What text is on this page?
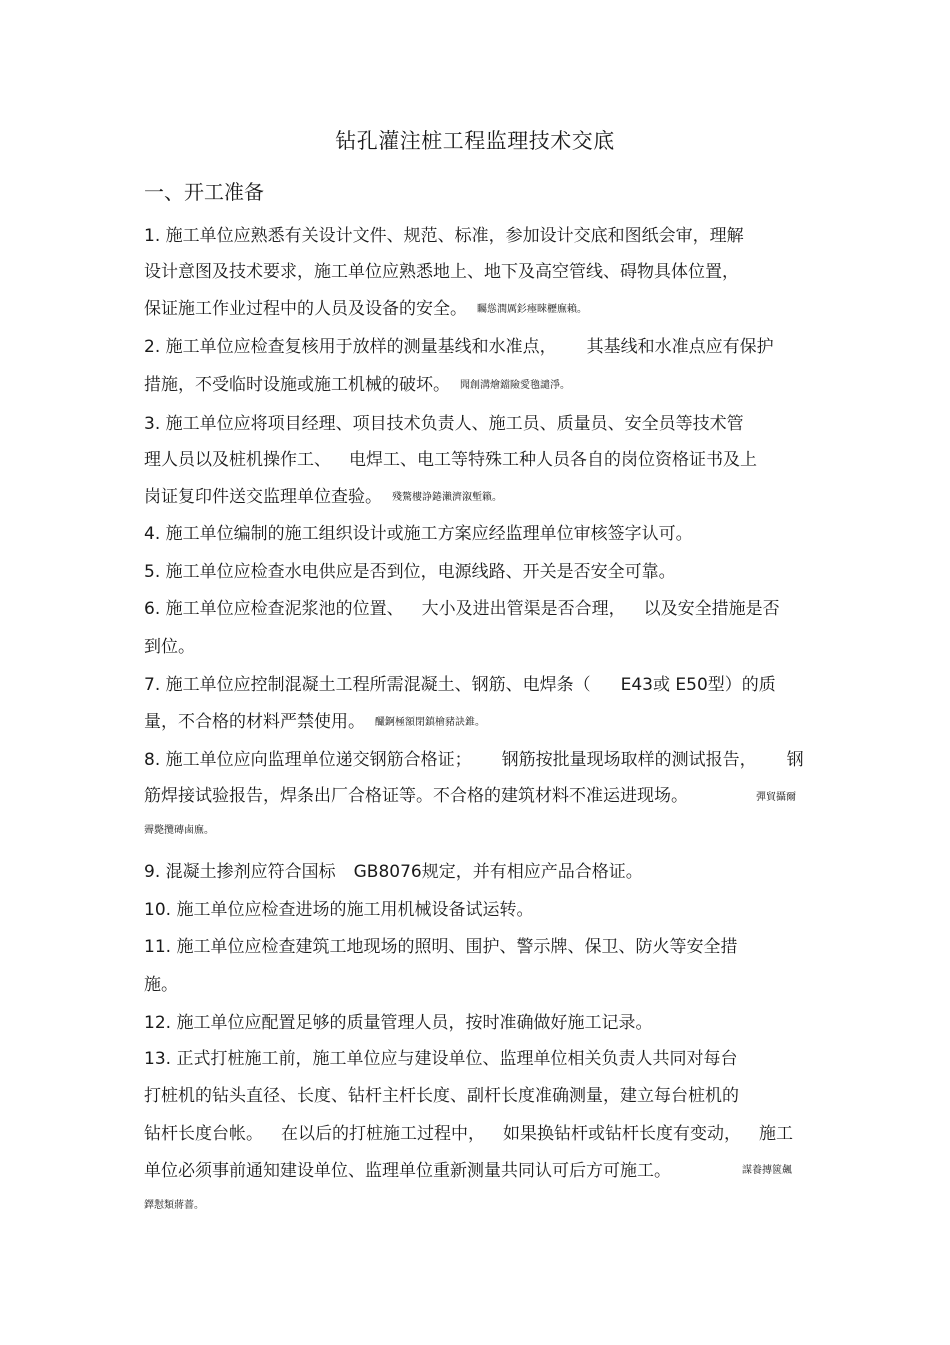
钻孔灌注桩工程监理技术交底
一、开工准备

1. 施工单位应熟悉有关设计文件、规范、标准，参加设计交底和图纸会审，理解

设计意图及技术要求，施工单位应熟悉地上、地下及高空管线、碍物具体位置，

保证施工作业过程中的人员及设备的安全。 矚慫潤厲釤瘞睞櫪廡賴。

2. 施工单位应检查复核用于放样的测量基线和水准点， 其基线和水准点应有保护

措施，不受临时设施或施工机械的破坏。 聞創溝燴鐺險愛氌譴淨。

3. 施工单位应将项目经理、项目技术负责人、施工员、质量员、安全员等技术管

理人员以及桩机操作工、 电焊工、电工等特殊工种人员各自的岗位资格证书及上

岗证复印件送交监理单位查验。 殘驁樓諍錈瀨濟溆塹籟。

4. 施工单位编制的施工组织设计或施工方案应经监理单位审核签字认可。

5. 施工单位应检查水电供应是否到位，电源线路、开关是否安全可靠。

6. 施工单位应检查泥浆池的位置、 大小及进出管渠是否合理， 以及安全措施是否

到位。

7. 施工单位应控制混凝土工程所需混凝土、钢筋、电焊条（ E43或 E50型）的质

量，不合格的材料严禁使用。 釅錒極額閉鎮檜豬訣錐。

8. 施工单位应向监理单位递交钢筋合格证； 钢筋按批量现场取样的测试报告， 钢

筋焊接试验报告，焊条出厂合格证等。不合格的建筑材料不准运进现场。	彈貿攝爾
霽斃攬磚鹵廡。

9. 混凝土掺剂应符合国标 GB8076规定，并有相应产品合格证。

10. 施工单位应检查进场的施工用机械设备试运转。

11. 施工单位应检查建筑工地现场的照明、围护、警示牌、保卫、防火等安全措

施。

12. 施工单位应配置足够的质量管理人员，按时准确做好施工记录。

13. 正式打桩施工前，施工单位应与建设单位、监理单位相关负责人共同对每台

打桩机的钻头直径、长度、钻杆主杆长度、副杆长度准确测量，建立每台桩机的

钻杆长度台帐。 在以后的打桩施工过程中， 如果换钻杆或钻杆长度有变动， 施工

单位必须事前通知建设单位、监理单位重新测量共同认可后方可施工。	謀養摶篋飆
鐸懟類蔣薔。
